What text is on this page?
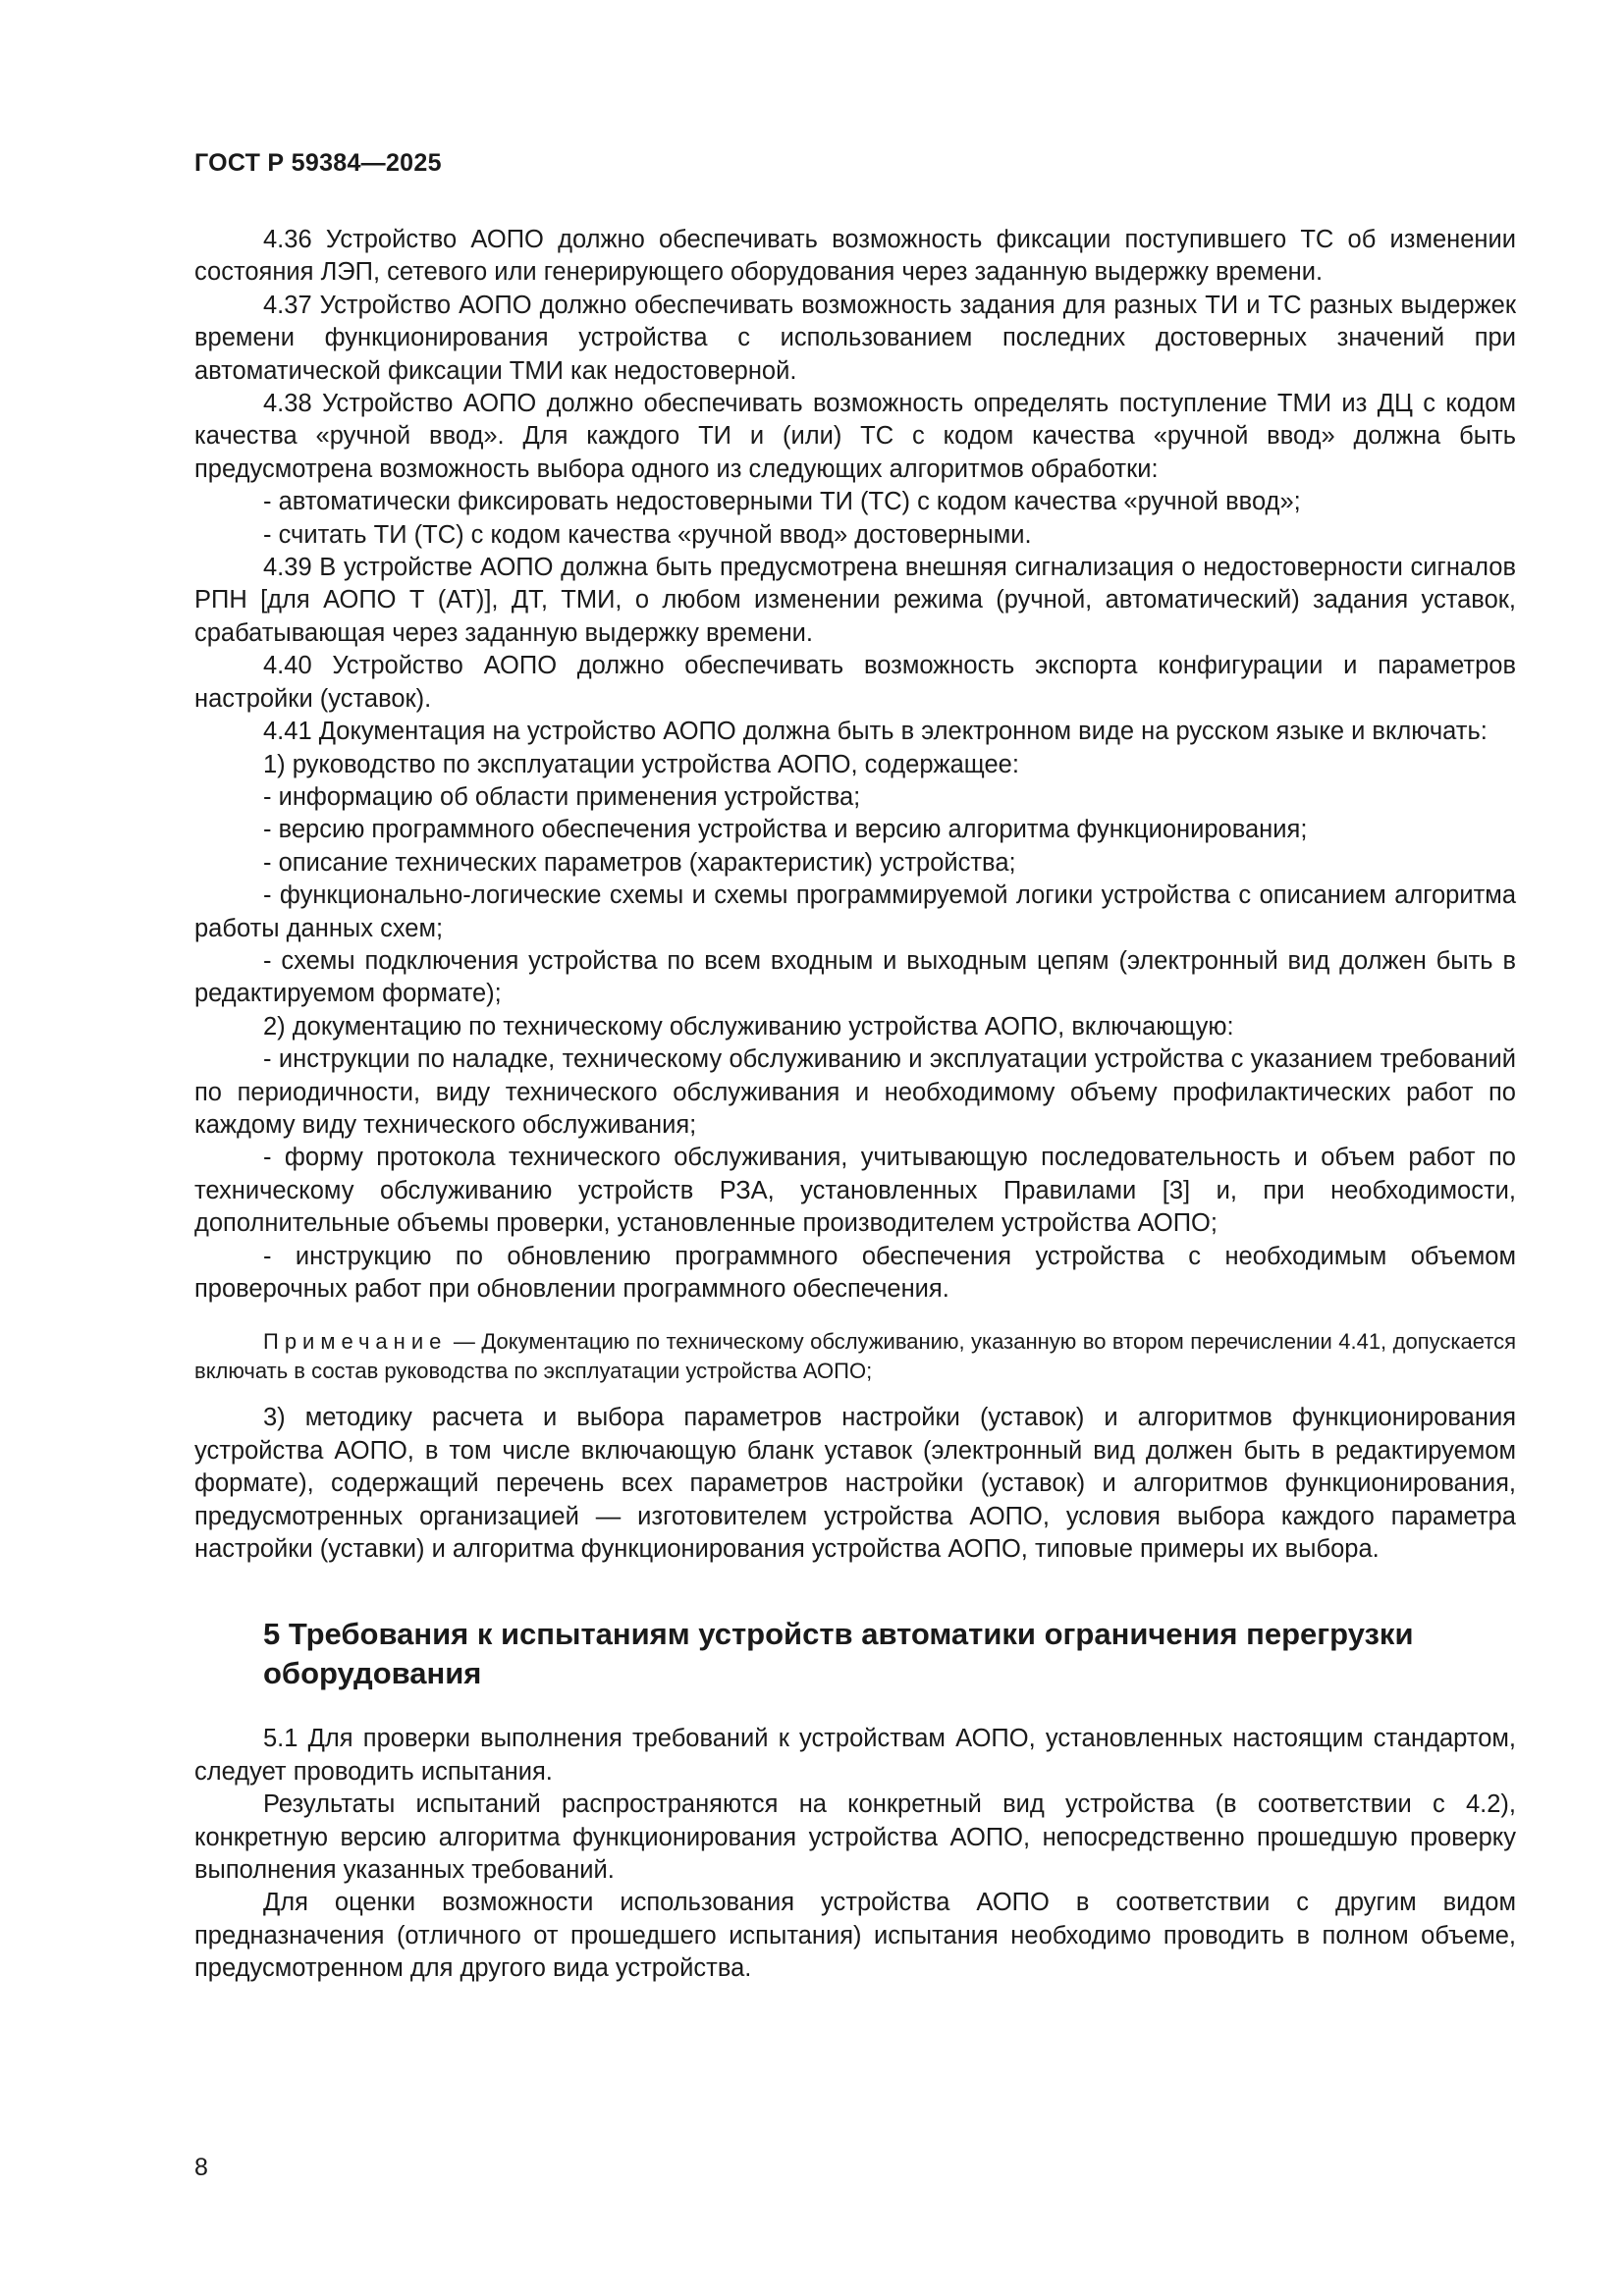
ГОСТ Р 59384—2025

4.36 Устройство АОПО должно обеспечивать возможность фиксации поступившего ТС об изменении состояния ЛЭП, сетевого или генерирующего оборудования через заданную выдержку времени.

4.37 Устройство АОПО должно обеспечивать возможность задания для разных ТИ и ТС разных выдержек времени функционирования устройства с использованием последних достоверных значений при автоматической фиксации ТМИ как недостоверной.

4.38 Устройство АОПО должно обеспечивать возможность определять поступление ТМИ из ДЦ с кодом качества «ручной ввод». Для каждого ТИ и (или) ТС с кодом качества «ручной ввод» должна быть предусмотрена возможность выбора одного из следующих алгоритмов обработки:

- автоматически фиксировать недостоверными ТИ (ТС) с кодом качества «ручной ввод»;

- считать ТИ (ТС) с кодом качества «ручной ввод» достоверными.

4.39 В устройстве АОПО должна быть предусмотрена внешняя сигнализация о недостоверности сигналов РПН [для АОПО Т (АТ)], ДТ, ТМИ, о любом изменении режима (ручной, автоматический) задания уставок, срабатывающая через заданную выдержку времени.

4.40 Устройство АОПО должно обеспечивать возможность экспорта конфигурации и параметров настройки (уставок).

4.41 Документация на устройство АОПО должна быть в электронном виде на русском языке и включать:

1) руководство по эксплуатации устройства АОПО, содержащее:

- информацию об области применения устройства;

- версию программного обеспечения устройства и версию алгоритма функционирования;

- описание технических параметров (характеристик) устройства;

- функционально-логические схемы и схемы программируемой логики устройства с описанием алгоритма работы данных схем;

- схемы подключения устройства по всем входным и выходным цепям (электронный вид должен быть в редактируемом формате);

2) документацию по техническому обслуживанию устройства АОПО, включающую:

- инструкции по наладке, техническому обслуживанию и эксплуатации устройства с указанием требований по периодичности, виду технического обслуживания и необходимому объему профилактических работ по каждому виду технического обслуживания;

- форму протокола технического обслуживания, учитывающую последовательность и объем работ по техническому обслуживанию устройств РЗА, установленных Правилами [3] и, при необходимости, дополнительные объемы проверки, установленные производителем устройства АОПО;

- инструкцию по обновлению программного обеспечения устройства с необходимым объемом проверочных работ при обновлении программного обеспечения.

Примечание — Документацию по техническому обслуживанию, указанную во втором перечислении 4.41, допускается включать в состав руководства по эксплуатации устройства АОПО;

3) методику расчета и выбора параметров настройки (уставок) и алгоритмов функционирования устройства АОПО, в том числе включающую бланк уставок (электронный вид должен быть в редактируемом формате), содержащий перечень всех параметров настройки (уставок) и алгоритмов функционирования, предусмотренных организацией — изготовителем устройства АОПО, условия выбора каждого параметра настройки (уставки) и алгоритма функционирования устройства АОПО, типовые примеры их выбора.

5 Требования к испытаниям устройств автоматики ограничения перегрузки оборудования

5.1 Для проверки выполнения требований к устройствам АОПО, установленных настоящим стандартом, следует проводить испытания.

Результаты испытаний распространяются на конкретный вид устройства (в соответствии с 4.2), конкретную версию алгоритма функционирования устройства АОПО, непосредственно прошедшую проверку выполнения указанных требований.

Для оценки возможности использования устройства АОПО в соответствии с другим видом предназначения (отличного от прошедшего испытания) испытания необходимо проводить в полном объеме, предусмотренном для другого вида устройства.

8
